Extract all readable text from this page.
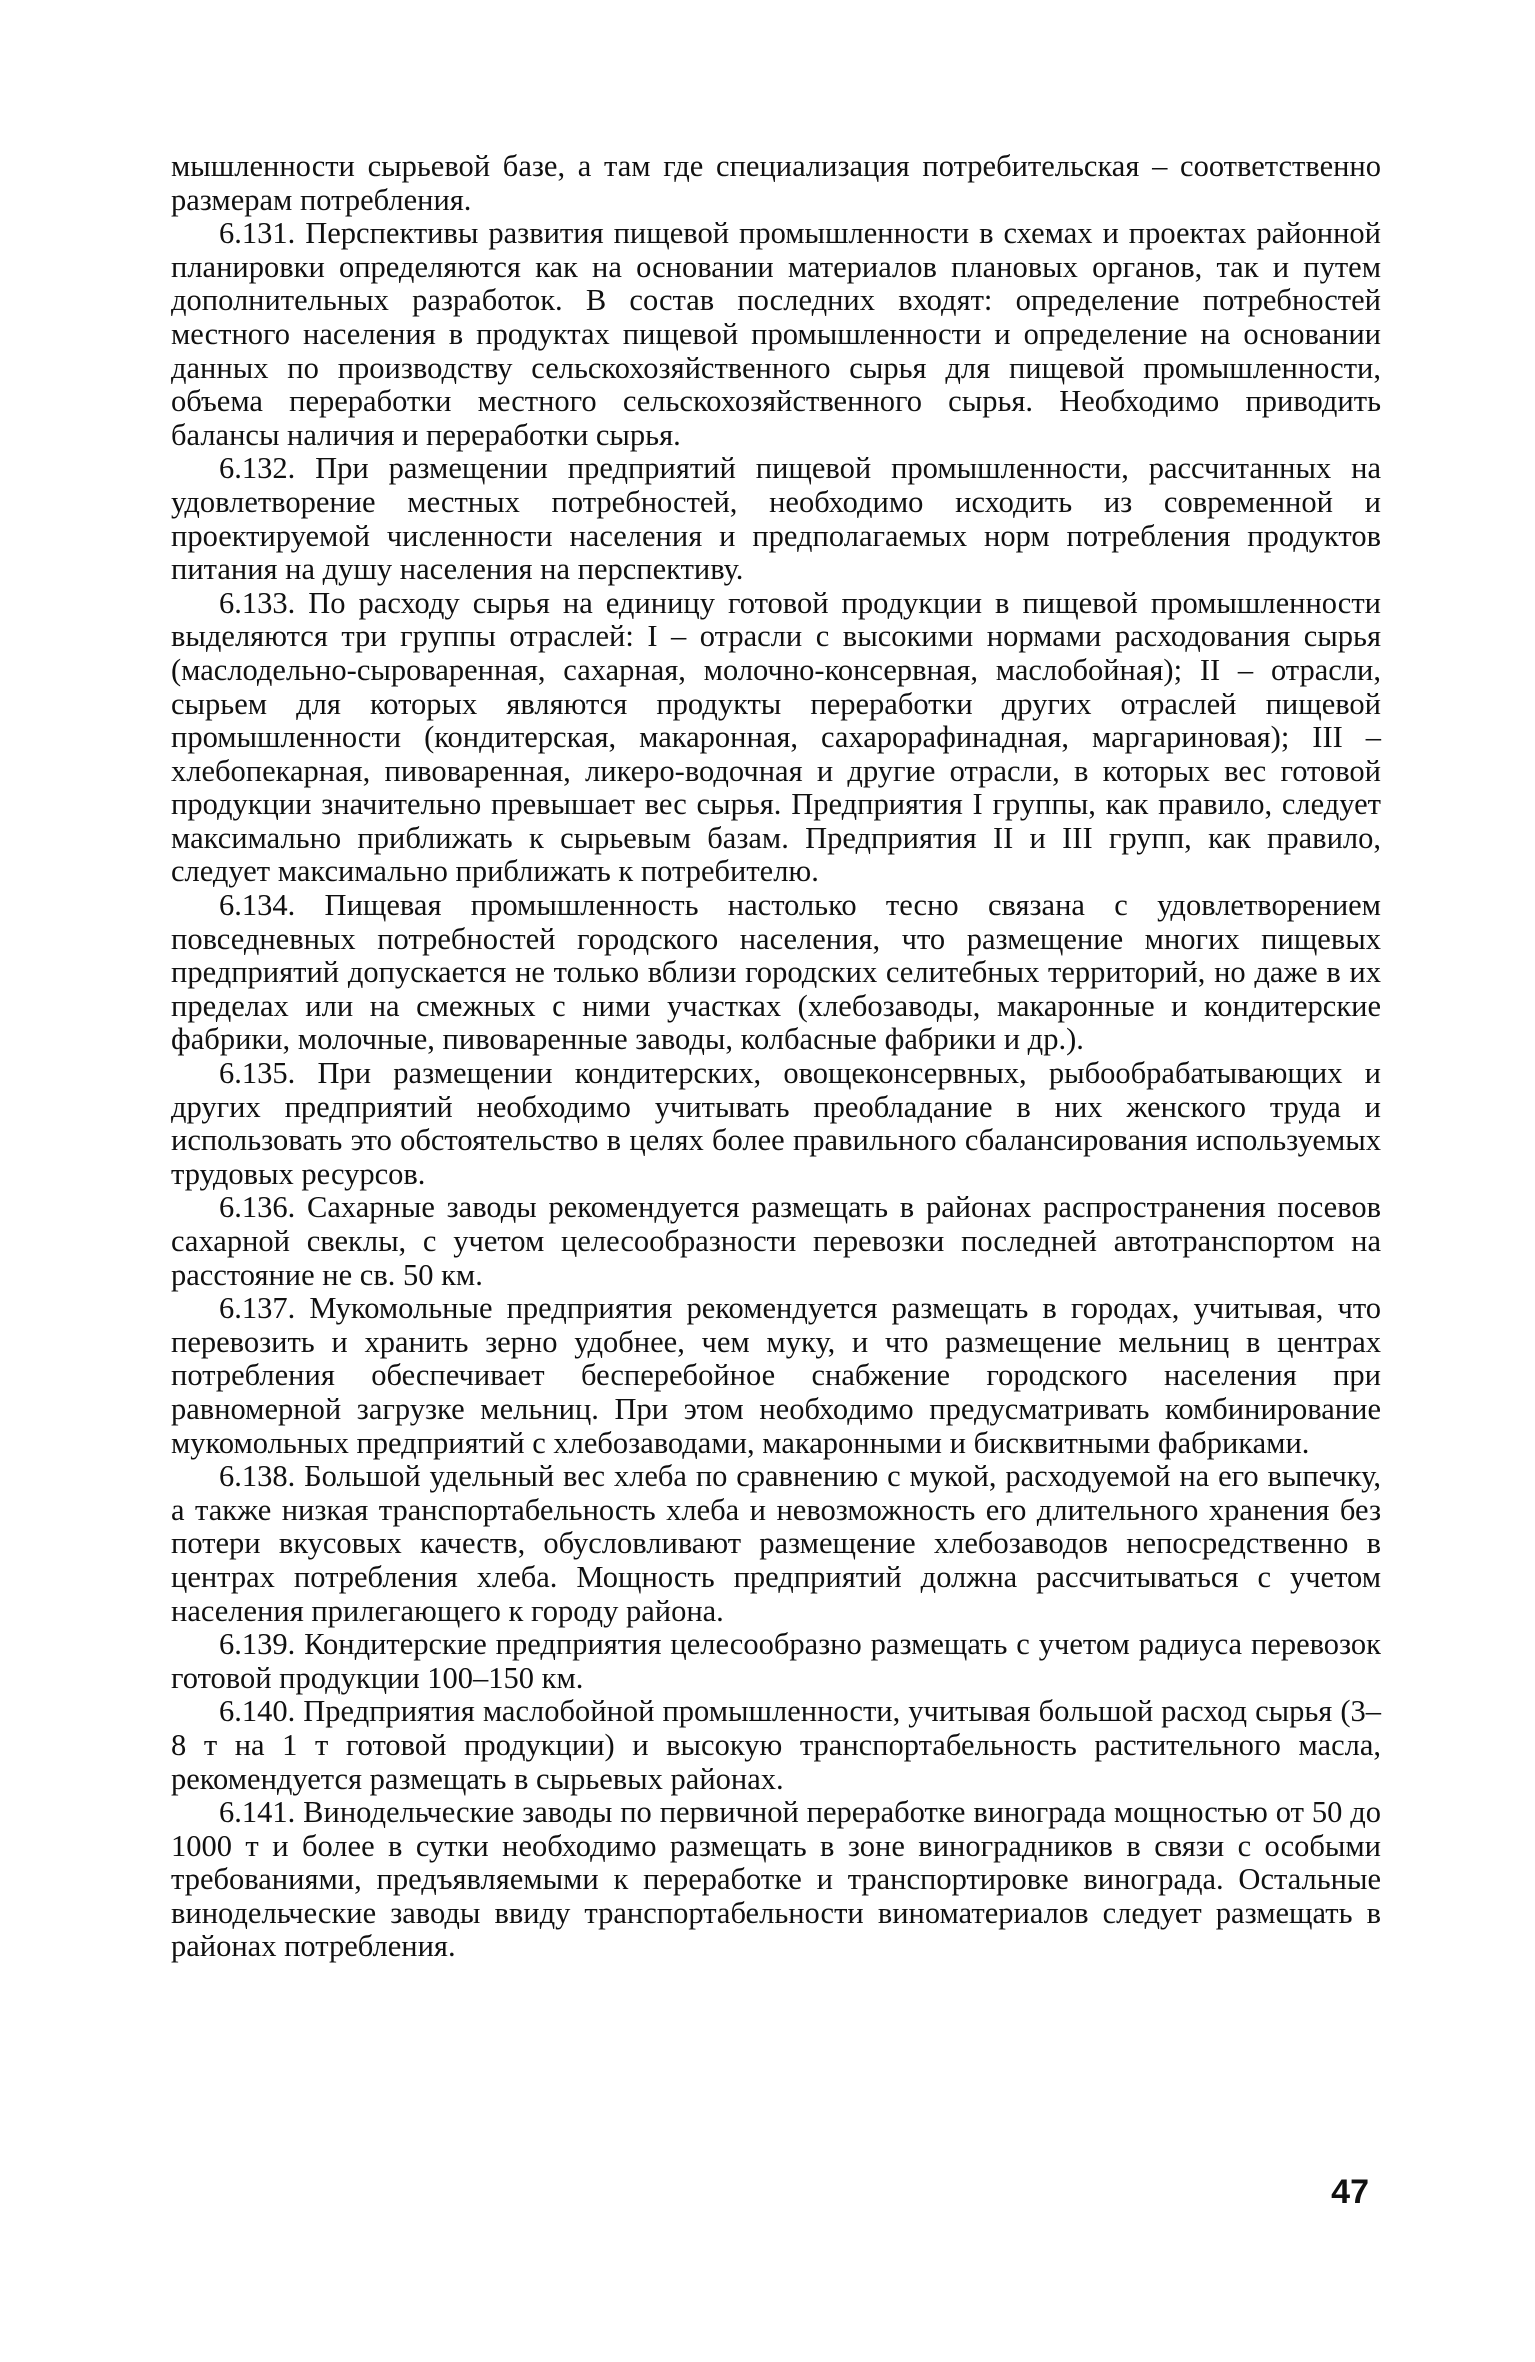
мышленности сырьевой базе, а там где специализация потребительская – соответственно размерам потребления.

6.131. Перспективы развития пищевой промышленности в схемах и проектах районной планировки определяются как на основании материалов плановых органов, так и путем дополнительных разработок. В состав последних входят: определение потребностей местного населения в продуктах пищевой промышленности и определение на основании данных по производству сельскохозяйственного сырья для пищевой промышленности, объема переработки местного сельскохозяйственного сырья. Необходимо приводить балансы наличия и переработки сырья.

6.132. При размещении предприятий пищевой промышленности, рассчитанных на удовлетворение местных потребностей, необходимо исходить из современной и проектируемой численности населения и предполагаемых норм потребления продуктов питания на душу населения на перспективу.

6.133. По расходу сырья на единицу готовой продукции в пищевой промышленности выделяются три группы отраслей: I – отрасли с высокими нормами расходования сырья (маслодельно-сыроваренная, сахарная, молочно-консервная, маслобойная); II – отрасли, сырьем для которых являются продукты переработки других отраслей пищевой промышленности (кондитерская, макаронная, сахарорафинадная, маргариновая); III – хлебопекарная, пивоваренная, ликеро-водочная и другие отрасли, в которых вес готовой продукции значительно превышает вес сырья. Предприятия I группы, как правило, следует максимально приближать к сырьевым базам. Предприятия II и III групп, как правило, следует максимально приближать к потребителю.

6.134. Пищевая промышленность настолько тесно связана с удовлетворением повседневных потребностей городского населения, что размещение многих пищевых предприятий допускается не только вблизи городских селитебных территорий, но даже в их пределах или на смежных с ними участках (хлебозаводы, макаронные и кондитерские фабрики, молочные, пивоваренные заводы, колбасные фабрики и др.).

6.135. При размещении кондитерских, овощеконсервных, рыбообрабатывающих и других предприятий необходимо учитывать преобладание в них женского труда и использовать это обстоятельство в целях более правильного сбалансирования используемых трудовых ресурсов.

6.136. Сахарные заводы рекомендуется размещать в районах распространения посевов сахарной свеклы, с учетом целесообразности перевозки последней автотранспортом на расстояние не св. 50 км.

6.137. Мукомольные предприятия рекомендуется размещать в городах, учитывая, что перевозить и хранить зерно удобнее, чем муку, и что размещение мельниц в центрах потребления обеспечивает бесперебойное снабжение городского населения при равномерной загрузке мельниц. При этом необходимо предусматривать комбинирование мукомольных предприятий с хлебозаводами, макаронными и бисквитными фабриками.

6.138. Большой удельный вес хлеба по сравнению с мукой, расходуемой на его выпечку, а также низкая транспортабельность хлеба и невозможность его длительного хранения без потери вкусовых качеств, обусловливают размещение хлебозаводов непосредственно в центрах потребления хлеба. Мощность предприятий должна рассчитываться с учетом населения прилегающего к городу района.

6.139. Кондитерские предприятия целесообразно размещать с учетом радиуса перевозок готовой продукции 100–150 км.

6.140. Предприятия маслобойной промышленности, учитывая большой расход сырья (3–8 т на 1 т готовой продукции) и высокую транспортабельность растительного масла, рекомендуется размещать в сырьевых районах.

6.141. Винодельческие заводы по первичной переработке винограда мощностью от 50 до 1000 т и более в сутки необходимо размещать в зоне виноградников в связи с особыми требованиями, предъявляемыми к переработке и транспортировке винограда. Остальные винодельческие заводы ввиду транспортабельности виноматериалов следует размещать в районах потребления.

47
